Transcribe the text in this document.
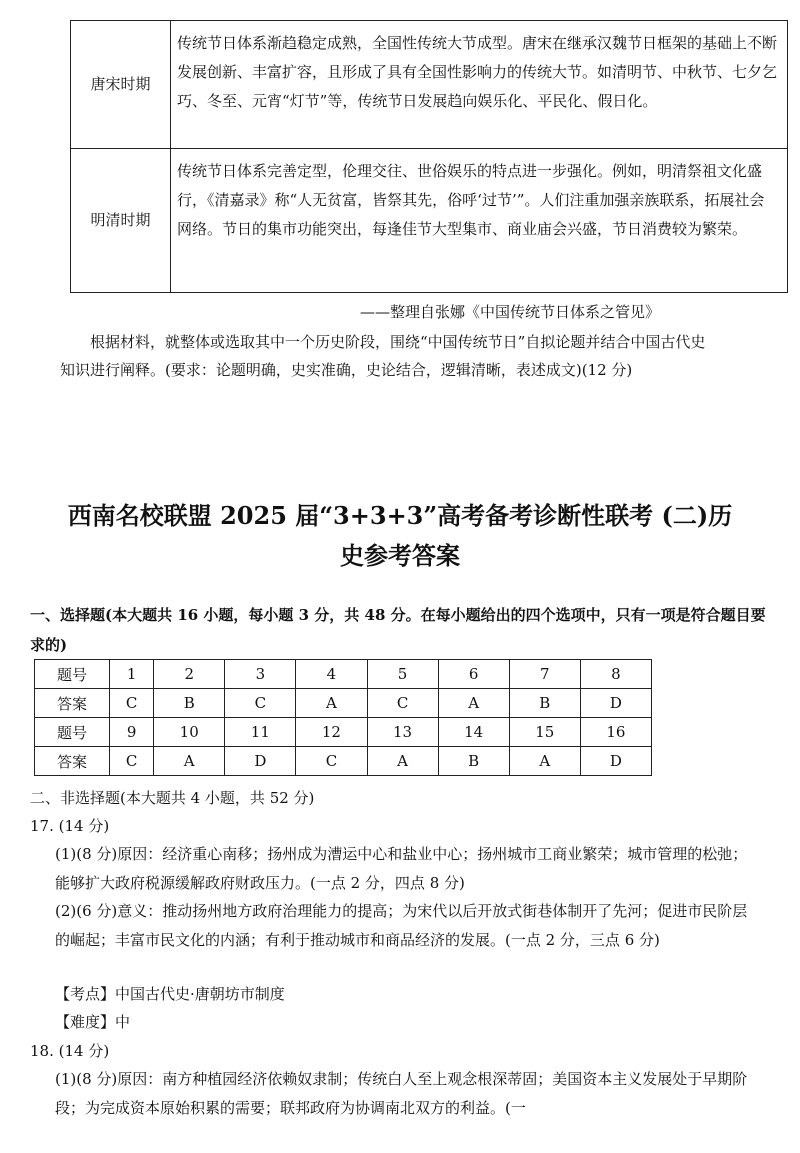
唐宋时期	传统节日体系渐趋稳定成熟，全国性传统大节成型。唐宋在继承汉魏节日框架的基础上不断发展创新、丰富扩容，且形成了具有全国性影响力的传统大节。如清明节、中秋节、七夕乞巧、冬至、元宵“灯节”等，传统节日发展趋向娱乐化、平民化、假日化。
明清时期	传统节日体系完善定型，伦理交往、世俗娱乐的特点进一步强化。例如，明清祭祖文化盛行，《清嘉录》称“人无贫富，皆祭其先，俗呼‘过节’”。人们注重加强亲族联系，拓展社会网络。节日的集市功能突出，每逢佳节大型集市、商业庙会兴盛，节日消费较为繁荣。
——整理自张娜《中国传统节日体系之管见》
根据材料，就整体或选取其中一个历史阶段，围绕“中国传统节日”自拟论题并结合中国古代史知识进行阐释。(要求：论题明确，史实准确，史论结合，逻辑清晰，表述成文)(12 分)
西南名校联盟 2025 届“3+3+3”高考备考诊断性联考 (二)历
史参考答案
一、选择题(本大题共 16 小题，每小题 3 分，共 48 分。在每小题给出的四个选项中，只有一项是符合题目要求的)
题号	1	2	3	4	5	6	7	8
答案	C	B	C	A	C	A	B	D
题号	9	10	11	12	13	14	15	16
答案	C	A	D	C	A	B	A	D
二、非选择题(本大题共 4 小题，共 52 分)
17. (14 分)
(1)(8 分)原因：经济重心南移；扬州成为漕运中心和盐业中心；扬州城市工商业繁荣；城市管理的松弛；能够扩大政府税源缓解政府财政压力。(一点 2 分，四点 8 分)
(2)(6 分)意义：推动扬州地方政府治理能力的提高；为宋代以后开放式街巷体制开了先河；促进市民阶层的崛起；丰富市民文化的内涵；有利于推动城市和商品经济的发展。(一点 2 分，三点 6 分)
【考点】中国古代史·唐朝坊市制度
【难度】中
18. (14 分)
(1)(8 分)原因：南方种植园经济依赖奴隶制；传统白人至上观念根深蒂固；美国资本主义发展处于早期阶段；为完成资本原始积累的需要；联邦政府为协调南北双方的利益。(一
